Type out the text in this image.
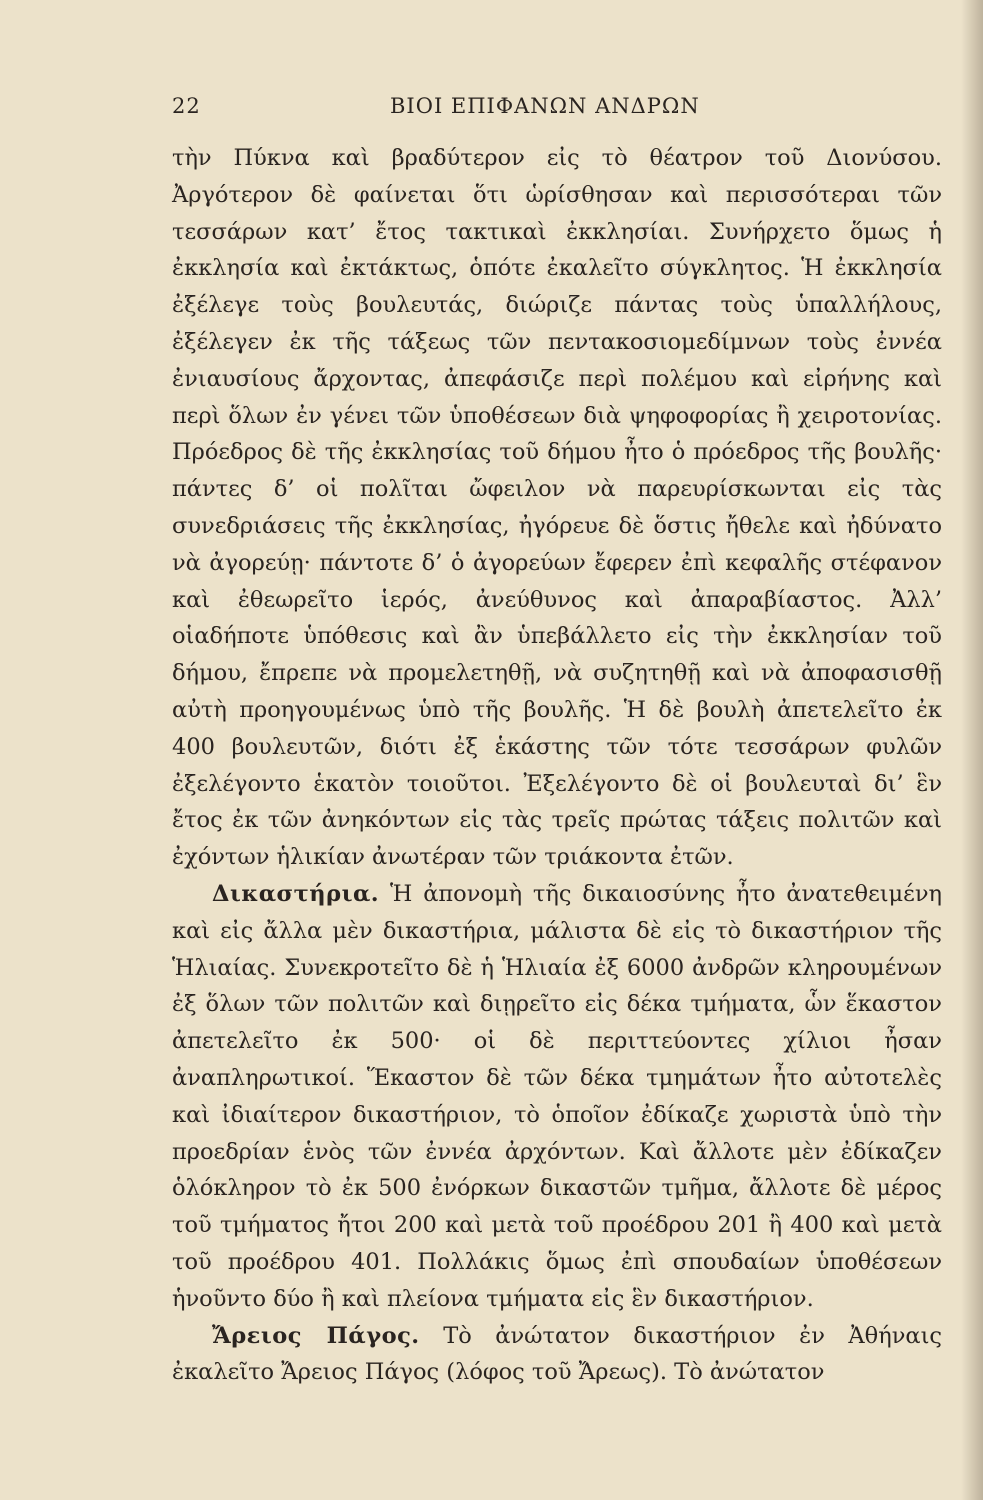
22	ΒΙΟΙ ΕΠΙΦΑΝΩΝ ΑΝΔΡΩΝ

τὴν Πύκνα καὶ βραδύτερον εἰς τὸ θέατρον τοῦ Διονύσου. Ἀργότερον δὲ φαίνεται ὅτι ὡρίσθησαν καὶ περισσότεραι τῶν τεσσάρων κατ’ ἔτος τακτικαὶ ἐκκλησίαι. Συνήρχετο ὅμως ἡ ἐκκλησία καὶ ἐκτάκτως, ὁπότε ἐκαλεῖτο σύγκλητος. Ἡ ἐκκλησία ἐξέλεγε τοὺς βουλευτάς, διώριζε πάντας τοὺς ὑπαλλήλους, ἐξέλεγεν ἐκ τῆς τάξεως τῶν πεντακοσιομεδίμνων τοὺς ἐννέα ἐνιαυσίους ἄρχοντας, ἀπεφάσιζε περὶ πολέμου καὶ εἰρήνης καὶ περὶ ὅλων ἐν γένει τῶν ὑποθέσεων διὰ ψηφοφορίας ἢ χειροτονίας. Πρόεδρος δὲ τῆς ἐκκλησίας τοῦ δήμου ἦτο ὁ πρόεδρος τῆς βουλῆς· πάντες δ’ οἱ πολῖται ὤφειλον νὰ παρευρίσκωνται εἰς τὰς συνεδριάσεις τῆς ἐκκλησίας, ἠγόρευε δὲ ὅστις ἤθελε καὶ ἠδύνατο νὰ ἀγορεύῃ· πάντοτε δ’ ὁ ἀγορεύων ἔφερεν ἐπὶ κεφαλῆς στέφανον καὶ ἐθεωρεῖτο ἱερός, ἀνεύθυνος καὶ ἀπαραβίαστος. Ἀλλ’ οἱαδήποτε ὑπόθεσις καὶ ἂν ὑπεβάλλετο εἰς τὴν ἐκκλησίαν τοῦ δήμου, ἔπρεπε νὰ προμελετηθῇ, νὰ συζητηθῇ καὶ νὰ ἀποφασισθῇ αὐτὴ προηγουμένως ὑπὸ τῆς βουλῆς. Ἡ δὲ βουλὴ ἀπετελεῖτο ἐκ 400 βουλευτῶν, διότι ἐξ ἑκάστης τῶν τότε τεσσάρων φυλῶν ἐξελέγοντο ἑκατὸν τοιοῦτοι. Ἐξελέγοντο δὲ οἱ βουλευταὶ δι’ ἓν ἔτος ἐκ τῶν ἀνηκόντων εἰς τὰς τρεῖς πρώτας τάξεις πολιτῶν καὶ ἐχόντων ἡλικίαν ἀνωτέραν τῶν τριάκοντα ἐτῶν.

Δικαστήρια. Ἡ ἀπονομὴ τῆς δικαιοσύνης ἦτο ἀνατεθειμένη καὶ εἰς ἄλλα μὲν δικαστήρια, μάλιστα δὲ εἰς τὸ δικαστήριον τῆς Ἡλιαίας. Συνεκροτεῖτο δὲ ἡ Ἡλιαία ἐξ 6000 ἀνδρῶν κληρουμένων ἐξ ὅλων τῶν πολιτῶν καὶ διῃρεῖτο εἰς δέκα τμήματα, ὧν ἕκαστον ἀπετελεῖτο ἐκ 500· οἱ δὲ περιττεύοντες χίλιοι ἦσαν ἀναπληρωτικοί. Ἕκαστον δὲ τῶν δέκα τμημάτων ἦτο αὐτοτελὲς καὶ ἰδιαίτερον δικαστήριον, τὸ ὁποῖον ἐδίκαζε χωριστὰ ὑπὸ τὴν προεδρίαν ἑνὸς τῶν ἐννέα ἀρχόντων. Καὶ ἄλλοτε μὲν ἐδίκαζεν ὁλόκληρον τὸ ἐκ 500 ἐνόρκων δικαστῶν τμῆμα, ἄλλοτε δὲ μέρος τοῦ τμήματος ἤτοι 200 καὶ μετὰ τοῦ προέδρου 201 ἢ 400 καὶ μετὰ τοῦ προέδρου 401. Πολλάκις ὅμως ἐπὶ σπουδαίων ὑποθέσεων ἡνοῦντο δύο ἢ καὶ πλείονα τμήματα εἰς ἓν δικαστήριον.

Ἄρειος Πάγος. Τὸ ἀνώτατον δικαστήριον ἐν Ἀθήναις ἐκαλεῖτο Ἄρειος Πάγος (λόφος τοῦ Ἄρεως). Τὸ ἀνώτατον
